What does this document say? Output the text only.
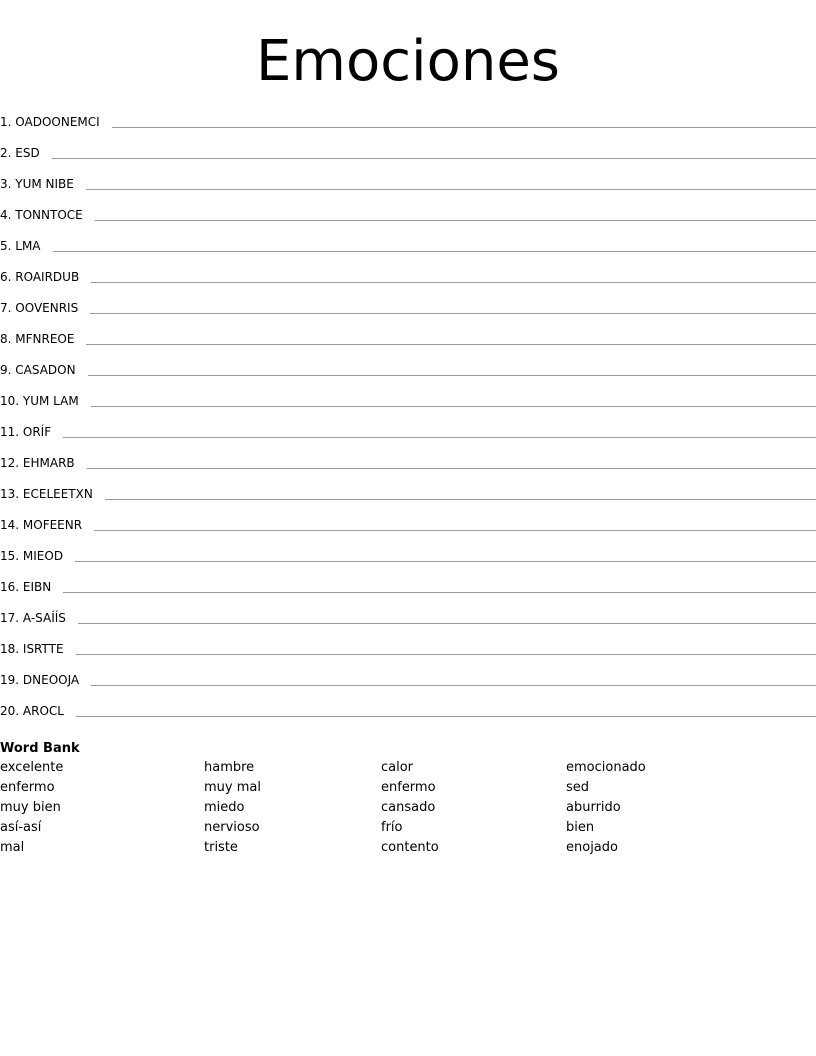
Emociones
1. OADOONEMCI
2. ESD
3. YUM NIBE
4. TONNTOCE
5. LMA
6. ROAIRDUB
7. OOVENRIS
8. MFNREOE
9. CASADON
10. YUM LAM
11. ORÍF
12. EHMARB
13. ECELEETXN
14. MOFEENR
15. MIEOD
16. EIBN
17. A-SAÍÍS
18. ISRTTE
19. DNEOOJA
20. AROCL
Word Bank
excelente
enfermo
muy bien
así-así
mal
hambre
muy mal
miedo
nervioso
triste
calor
enfermo
cansado
frío
contento
emocionado
sed
aburrido
bien
enojado
